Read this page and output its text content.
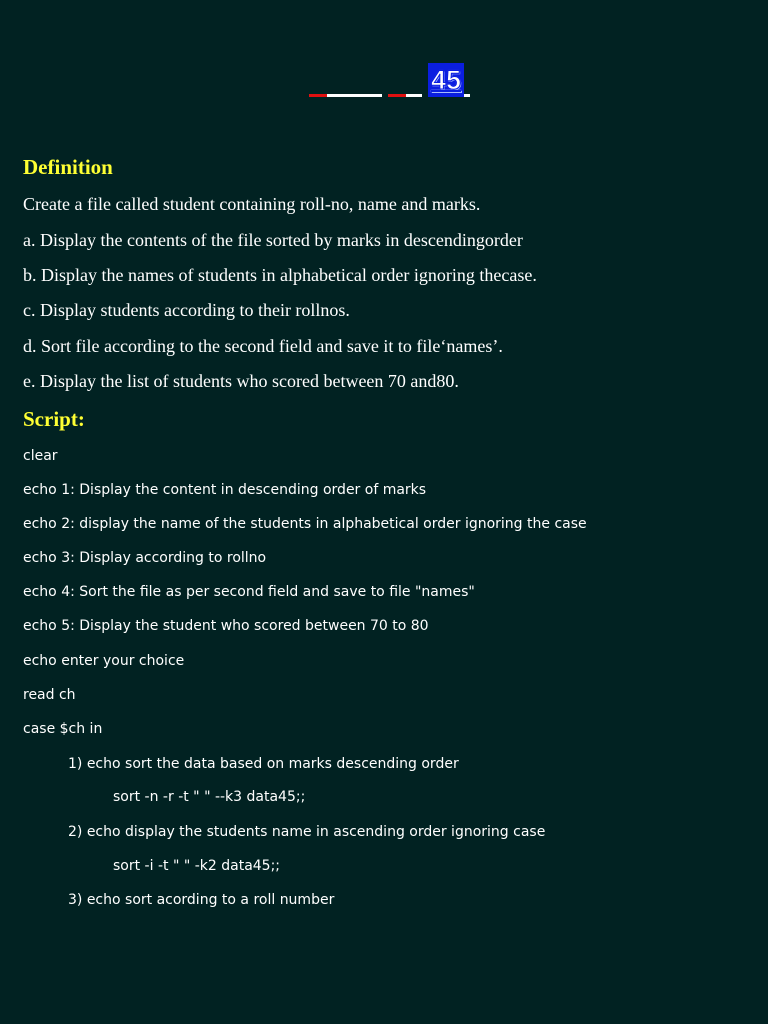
45
Definition
Create a file called student containing roll-no, name and marks.
a. Display the contents of the file sorted by marks in descendingorder
b. Display the names of students in alphabetical order ignoring thecase.
c. Display students according to their rollnos.
d. Sort file according to the second field and save it to file‘names’.
e. Display the list of students who scored between 70 and80.
Script:
clear
echo 1: Display the content in descending order of marks
echo 2: display the name of the students in alphabetical order ignoring the case
echo 3: Display according to rollno
echo 4: Sort the file as per second field and save to file "names"
echo 5: Display the student who scored between 70 to 80
echo enter your choice
read ch
case $ch in
1) echo sort the data based on marks descending order
sort -n -r -t " " --k3 data45;;
2) echo display the students name in ascending order ignoring case
sort -i -t " " -k2 data45;;
3) echo sort acording to a roll number
